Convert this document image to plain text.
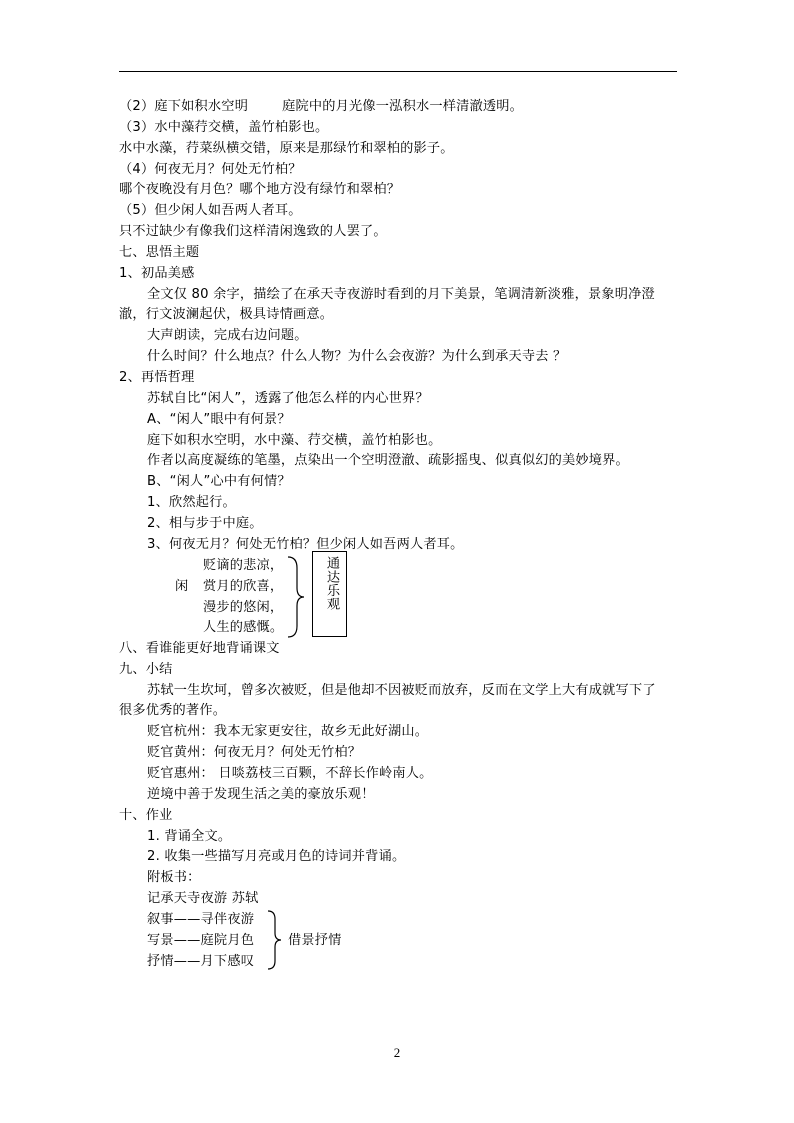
（2）庭下如积水空明	庭院中的月光像一泓积水一样清澈透明。
（3）水中藻荇交横，盖竹柏影也。
水中水藻，荇菜纵横交错，原来是那绿竹和翠柏的影子。
（4）何夜无月？何处无竹柏？
哪个夜晚没有月色？哪个地方没有绿竹和翠柏？
（5）但少闲人如吾两人者耳。
只不过缺少有像我们这样清闲逸致的人罢了。
七、思悟主题
1、初品美感
全文仅 80 余字，描绘了在承天寺夜游时看到的月下美景，笔调清新淡雅，景象明净澄
澈，行文波澜起伏，极具诗情画意。
大声朗读，完成右边问题。
什么时间？什么地点？什么人物？为什么会夜游？为什么到承天寺去 ？
2、再悟哲理
苏轼自比“闲人”，透露了他怎么样的内心世界？
A、“闲人”眼中有何景？
庭下如积水空明，水中藻、荇交横，盖竹柏影也。
作者以高度凝练的笔墨，点染出一个空明澄澈、疏影摇曳、似真似幻的美妙境界。
B、“闲人”心中有何情？
1、欣然起行。
2、相与步于中庭。
3、何夜无月？何处无竹柏？但少闲人如吾两人者耳。
贬谪的悲凉，
闲 赏月的欣喜，
漫步的悠闲，
人生的感慨。
通达乐观
八、看谁能更好地背诵课文
九、小结
苏轼一生坎坷，曾多次被贬，但是他却不因被贬而放弃，反而在文学上大有成就写下了
很多优秀的著作。
贬官杭州：我本无家更安往，故乡无此好湖山。
贬官黄州：何夜无月？何处无竹柏？
贬官惠州： 日啖荔枝三百颗，不辞长作岭南人。
逆境中善于发现生活之美的豪放乐观！
十、作业
1. 背诵全文。
2. 收集一些描写月亮或月色的诗词并背诵。
附板书：
记承天寺夜游 苏轼
叙事——寻伴夜游
写景——庭院月色
抒情——月下感叹
借景抒情
2
